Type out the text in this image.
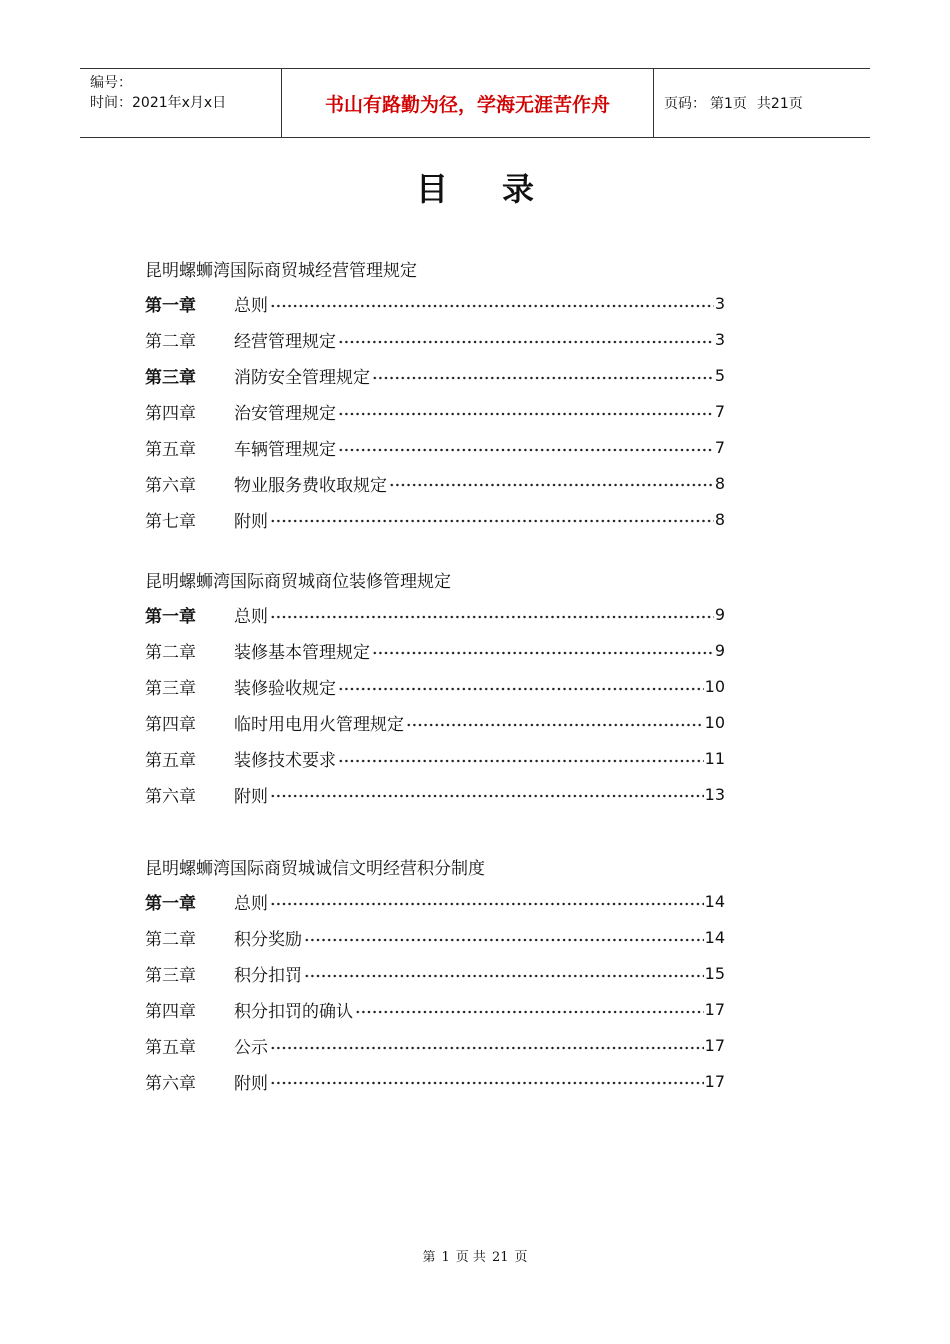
编号：
时间：2021年x月x日	书山有路勤为径，学海无涯苦作舟	页码： 第1页 共21页
目录
昆明螺蛳湾国际商贸城经营管理规定
第一章	总则	3
第二章	经营管理规定	3
第三章	消防安全管理规定	5
第四章	治安管理规定	7
第五章	车辆管理规定	7
第六章	物业服务费收取规定	8
第七章	附则	8
昆明螺蛳湾国际商贸城商位装修管理规定
第一章	总则	9
第二章	装修基本管理规定	9
第三章	装修验收规定	10
第四章	临时用电用火管理规定	10
第五章	装修技术要求	11
第六章	附则	13
昆明螺蛳湾国际商贸城诚信文明经营积分制度
第一章	总则	14
第二章	积分奖励	14
第三章	积分扣罚	15
第四章	积分扣罚的确认	17
第五章	公示	17
第六章	附则	17
第 1 页 共 21 页
